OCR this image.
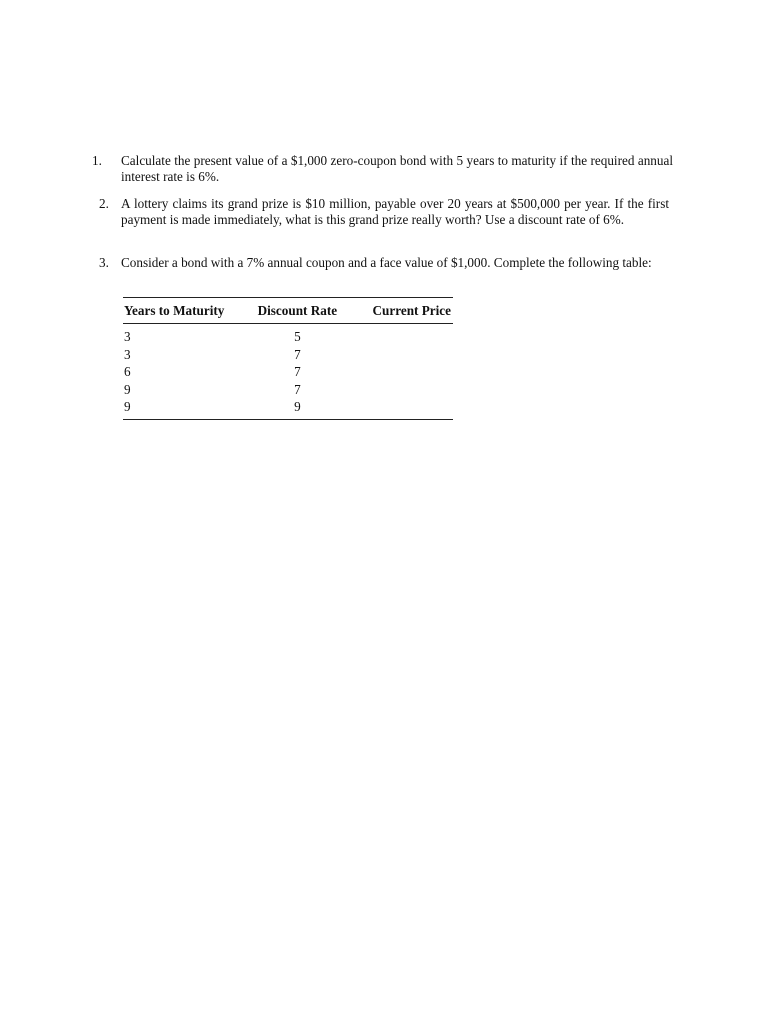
1. Calculate the present value of a $1,000 zero-coupon bond with 5 years to maturity if the required annual interest rate is 6%.
2. A lottery claims its grand prize is $10 million, payable over 20 years at $500,000 per year. If the first payment is made immediately, what is this grand prize really worth? Use a discount rate of 6%.
3. Consider a bond with a 7% annual coupon and a face value of $1,000. Complete the following table:
Years to Maturity	Discount Rate	Current Price
3	5	
3	7	
6	7	
9	7	
9	9	
